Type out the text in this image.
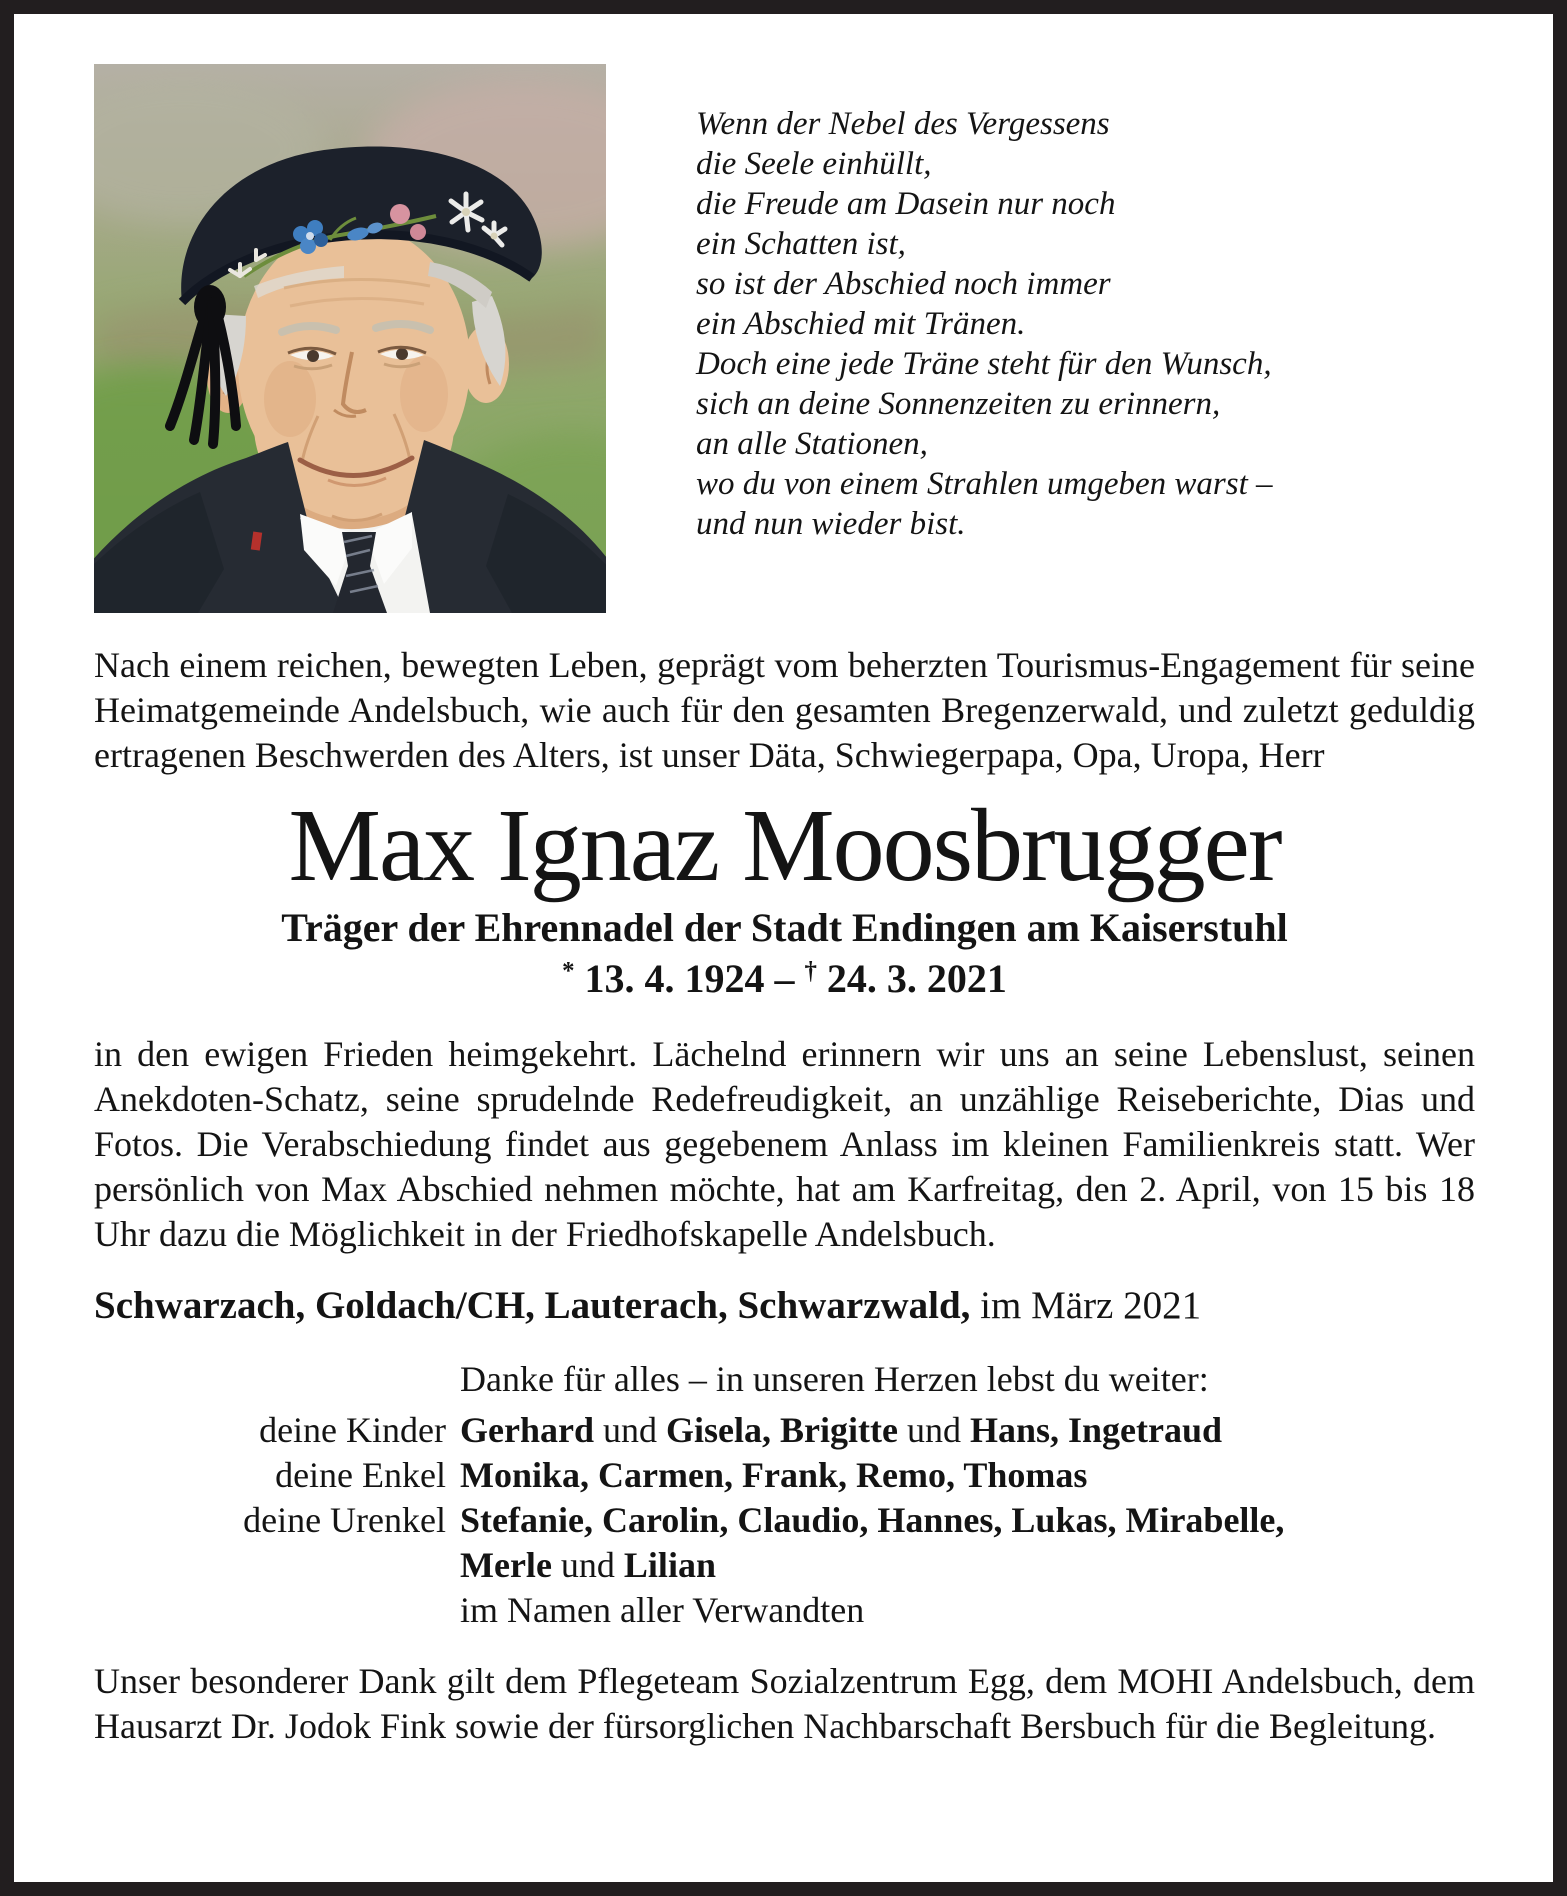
Wenn der Nebel des Vergessens
die Seele einhüllt,
die Freude am Dasein nur noch
ein Schatten ist,
so ist der Abschied noch immer
ein Abschied mit Tränen.
Doch eine jede Träne steht für den Wunsch,
sich an deine Sonnenzeiten zu erinnern,
an alle Stationen,
wo du von einem Strahlen umgeben warst –
und nun wieder bist.

Nach einem reichen, bewegten Leben, geprägt vom beherzten Tourismus-Engagement für seine Heimatgemeinde Andelsbuch, wie auch für den gesamten Bregenzerwald, und zuletzt geduldig ertragenen Beschwerden des Alters, ist unser Däta, Schwiegerpapa, Opa, Uropa, Herr

Max Ignaz Moosbrugger
Träger der Ehrennadel der Stadt Endingen am Kaiserstuhl
* 13. 4. 1924 – † 24. 3. 2021

in den ewigen Frieden heimgekehrt. Lächelnd erinnern wir uns an seine Lebenslust, seinen Anekdoten-Schatz, seine sprudelnde Redefreudigkeit, an unzählige Reiseberichte, Dias und Fotos. Die Verabschiedung findet aus gegebenem Anlass im kleinen Familienkreis statt. Wer persönlich von Max Abschied nehmen möchte, hat am Karfreitag, den 2. April, von 15 bis 18 Uhr dazu die Möglichkeit in der Friedhofskapelle Andelsbuch.

Schwarzach, Goldach/CH, Lauterach, Schwarzwald, im März 2021
Danke für alles – in unseren Herzen lebst du weiter:
deine Kinder Gerhard und Gisela, Brigitte und Hans, Ingetraud
deine Enkel Monika, Carmen, Frank, Remo, Thomas
deine Urenkel Stefanie, Carolin, Claudio, Hannes, Lukas, Mirabelle,
Merle und Lilian
im Namen aller Verwandten

Unser besonderer Dank gilt dem Pflegeteam Sozialzentrum Egg, dem MOHI Andelsbuch, dem Hausarzt Dr. Jodok Fink sowie der fürsorglichen Nachbarschaft Bersbuch für die Begleitung.
